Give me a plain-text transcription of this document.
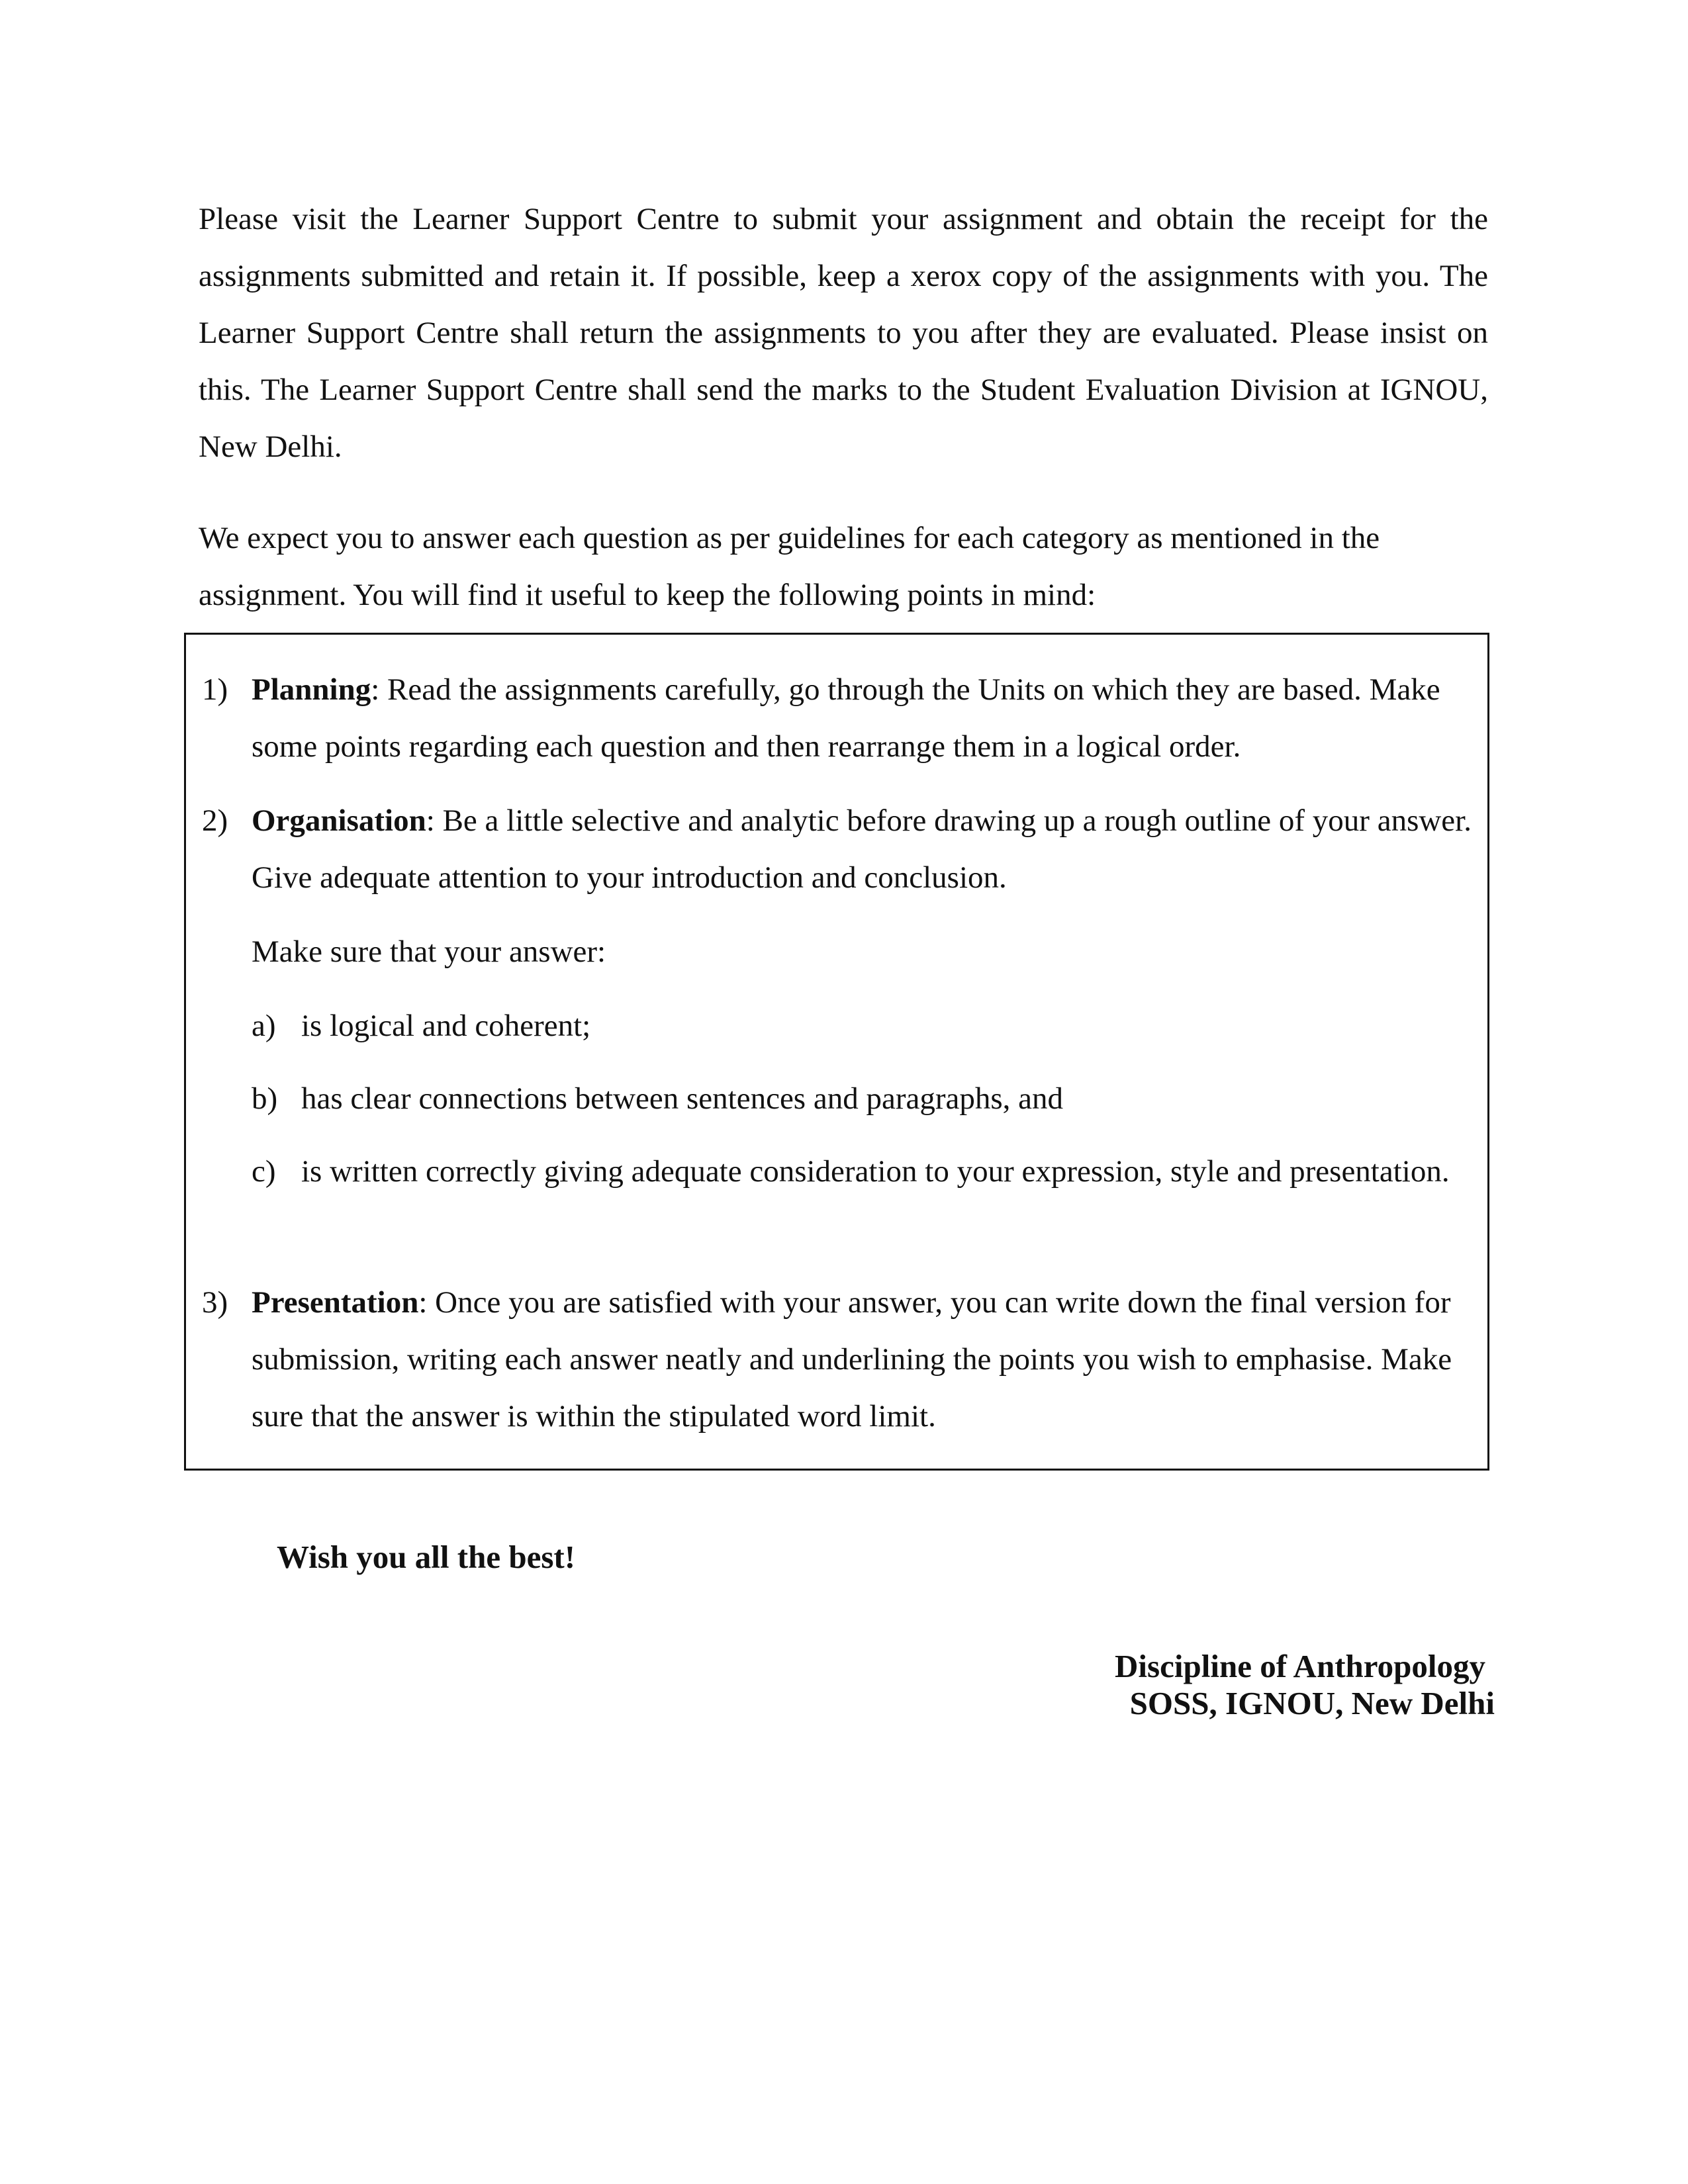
Please visit the Learner Support Centre to submit your assignment and obtain the receipt for the assignments submitted and retain it. If possible, keep a xerox copy of the assignments with you. The Learner Support Centre shall return the assignments to you after they are evaluated. Please insist on this. The Learner Support Centre shall send the marks to the Student Evaluation Division at IGNOU, New Delhi.

We expect you to answer each question as per guidelines for each category as mentioned in the assignment. You will find it useful to keep the following points in mind:

1) Planning: Read the assignments carefully, go through the Units on which they are based. Make some points regarding each question and then rearrange them in a logical order.
2) Organisation: Be a little selective and analytic before drawing up a rough outline of your answer. Give adequate attention to your introduction and conclusion.
Make sure that your answer:
a) is logical and coherent;
b) has clear connections between sentences and paragraphs, and
c) is written correctly giving adequate consideration to your expression, style and presentation.
3) Presentation: Once you are satisfied with your answer, you can write down the final version for submission, writing each answer neatly and underlining the points you wish to emphasise. Make sure that the answer is within the stipulated word limit.
Wish you all the best!
Discipline of Anthropology
SOSS, IGNOU, New Delhi
